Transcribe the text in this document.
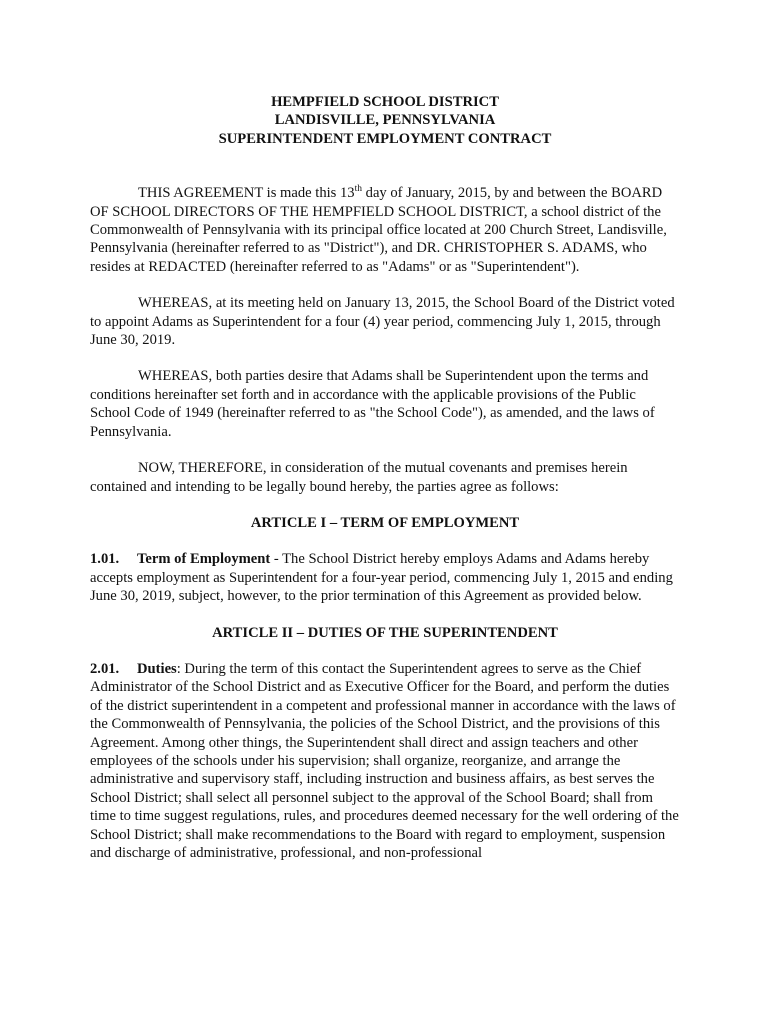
HEMPFIELD SCHOOL DISTRICT

LANDISVILLE, PENNSYLVANIA

SUPERINTENDENT EMPLOYMENT CONTRACT

THIS AGREEMENT is made this 13th day of January, 2015, by and between the BOARD OF SCHOOL DIRECTORS OF THE HEMPFIELD SCHOOL DISTRICT, a school district of the Commonwealth of Pennsylvania with its principal office located at 200 Church Street, Landisville, Pennsylvania (hereinafter referred to as "District"), and DR. CHRISTOPHER S. ADAMS, who resides at REDACTED (hereinafter referred to as "Adams" or as "Superintendent").

WHEREAS, at its meeting held on January 13, 2015, the School Board of the District voted to appoint Adams as Superintendent for a four (4) year period, commencing July 1, 2015, through June 30, 2019.

WHEREAS, both parties desire that Adams shall be Superintendent upon the terms and conditions hereinafter set forth and in accordance with the applicable provisions of the Public School Code of 1949 (hereinafter referred to as "the School Code"), as amended, and the laws of Pennsylvania.

NOW, THEREFORE, in consideration of the mutual covenants and premises herein contained and intending to be legally bound hereby, the parties agree as follows:

ARTICLE I – TERM OF EMPLOYMENT

1.01. Term of Employment - The School District hereby employs Adams and Adams hereby accepts employment as Superintendent for a four-year period, commencing July 1, 2015 and ending June 30, 2019, subject, however, to the prior termination of this Agreement as provided below.

ARTICLE II – DUTIES OF THE SUPERINTENDENT

2.01. Duties: During the term of this contact the Superintendent agrees to serve as the Chief Administrator of the School District and as Executive Officer for the Board, and perform the duties of the district superintendent in a competent and professional manner in accordance with the laws of the Commonwealth of Pennsylvania, the policies of the School District, and the provisions of this Agreement. Among other things, the Superintendent shall direct and assign teachers and other employees of the schools under his supervision; shall organize, reorganize, and arrange the administrative and supervisory staff, including instruction and business affairs, as best serves the School District; shall select all personnel subject to the approval of the School Board; shall from time to time suggest regulations, rules, and procedures deemed necessary for the well ordering of the School District; shall make recommendations to the Board with regard to employment, suspension and discharge of administrative, professional, and non-professional
